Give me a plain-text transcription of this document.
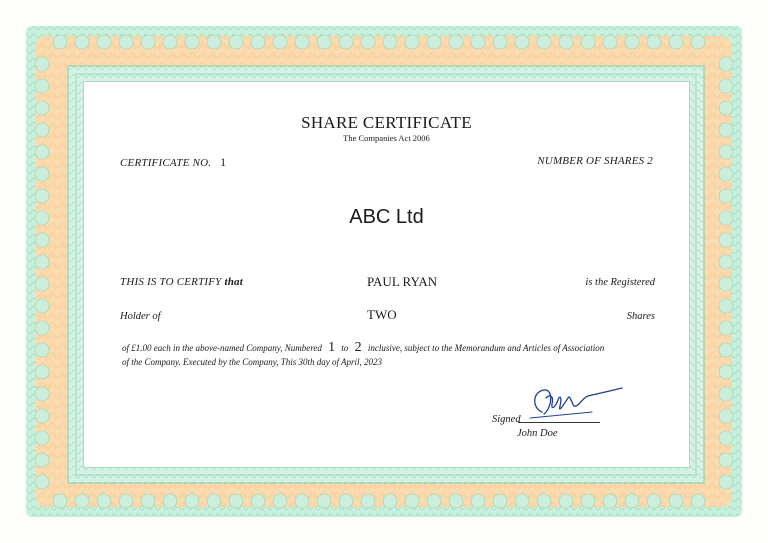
SHARE CERTIFICATE
The Companies Act 2006
CERTIFICATE NO. 1	NUMBER OF SHARES 2
ABC Ltd
THIS IS TO CERTIFY that	PAUL RYAN	is the Registered
Holder of	TWO	Shares
of £1.00 each in the above-named Company, Numbered 1 to 2 inclusive, subject to the Memorandum and Articles of Association
of the Company. Executed by the Company, This 30th day of April, 2023
Signed
John Doe
